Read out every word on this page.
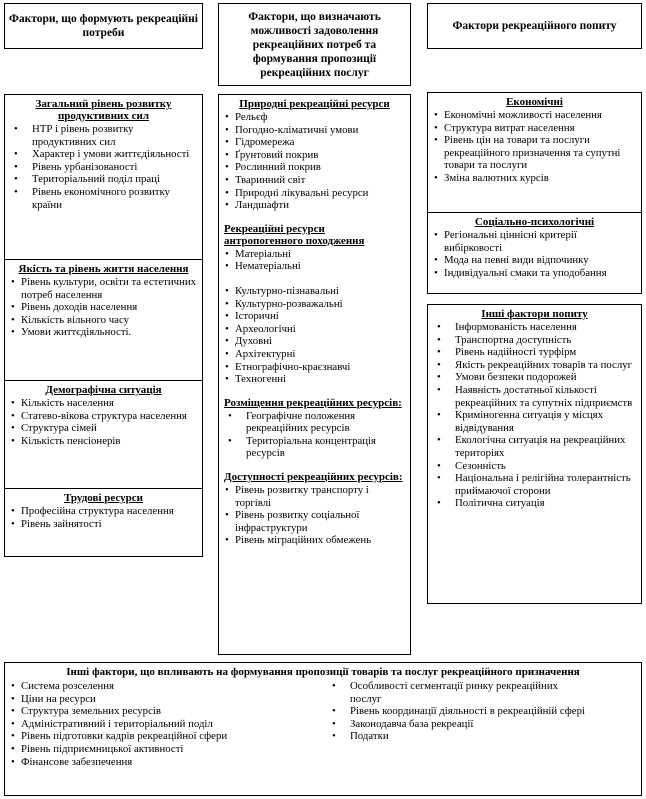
Фактори, що формують рекреаційні потреби
Фактори, що визначають можливості задоволення рекреаційних потреб та формування пропозиції рекреаційних послуг
Фактори рекреаційного попиту
Загальний рівень розвитку продуктивних сил
• НТР і рівень розвитку продуктивних сил
• Характер і умови життєдіяльності
• Рівень урбанізованості
• Територіальний поділ праці
• Рівень економічного розвитку країни
Якість та рівень життя населення
• Рівень культури, освіти та естетичних потреб населення
• Рівень доходів населення
• Кількість вільного часу
• Умови життєдіяльності.
Демографічна ситуація
• Кількість населення
• Статево-вікова структура населення
• Структура сімей
• Кількість пенсіонерів
Трудові ресурси
• Професійна структура населення
• Рівень зайнятості
Природні рекреаційні ресурси
• Рельєф
• Погодно-кліматичні умови
• Гідромережа
• Ґрунтовий покрив
• Рослинний покрив
• Тваринний світ
• Природні лікувальні ресурси
• Ландшафти
Рекреаційні ресурси антропогенного походження
• Матеріальні
• Нематеріальні
• Культурно-пізнавальні
• Культурно-розважальні
• Історичні
• Археологічні
• Духовні
• Архітектурні
• Етнографічно-краєзнавчі
• Техногенні
Розміщення рекреаційних ресурсів:
• Географічне положення рекреаційних ресурсів
• Територіальна концентрація ресурсів
Доступності рекреаційних ресурсів:
• Рівень розвитку транспорту і торгівлі
• Рівень розвитку соціальної інфраструктури
• Рівень міграційних обмежень
Економічні
• Економічні можливості населення
• Структура витрат населення
• Рівень цін на товари та послуги рекреаційного призначення та супутні товари та послуги
• Зміна валютних курсів
Соціально-психологічні
• Регіональні ціннісні критерії вибірковості
• Мода на певні види відпочинку
• Індивідуальні смаки та уподобання
Інші фактори попиту
• Інформованість населення
• Транспортна доступність
• Рівень надійності турфірм
• Якість рекреаційних товарів та послуг
• Умови безпеки подорожей
• Наявність достатньої кількості рекреаційних та супутніх підприємств
• Криміногенна ситуація у місцях відвідування
• Екологічна ситуація на рекреаційних територіях
• Сезонність
• Національна і релігійна толерантність приймаючої сторони
• Політична ситуація
Інші фактори, що впливають на формування пропозиції товарів та послуг рекреаційного призначення
• Система розселення
• Ціни на ресурси
• Структура земельних ресурсів
• Адміністративний і територіальний поділ
• Рівень підготовки кадрів рекреаційної сфери
• Рівень підприємницької активності
• Фінансове забезпечення
• Особливості сегментації ринку рекреаційних послуг
• Рівень координації діяльності в рекреаційній сфері
• Законодавча база рекреації
• Податки
